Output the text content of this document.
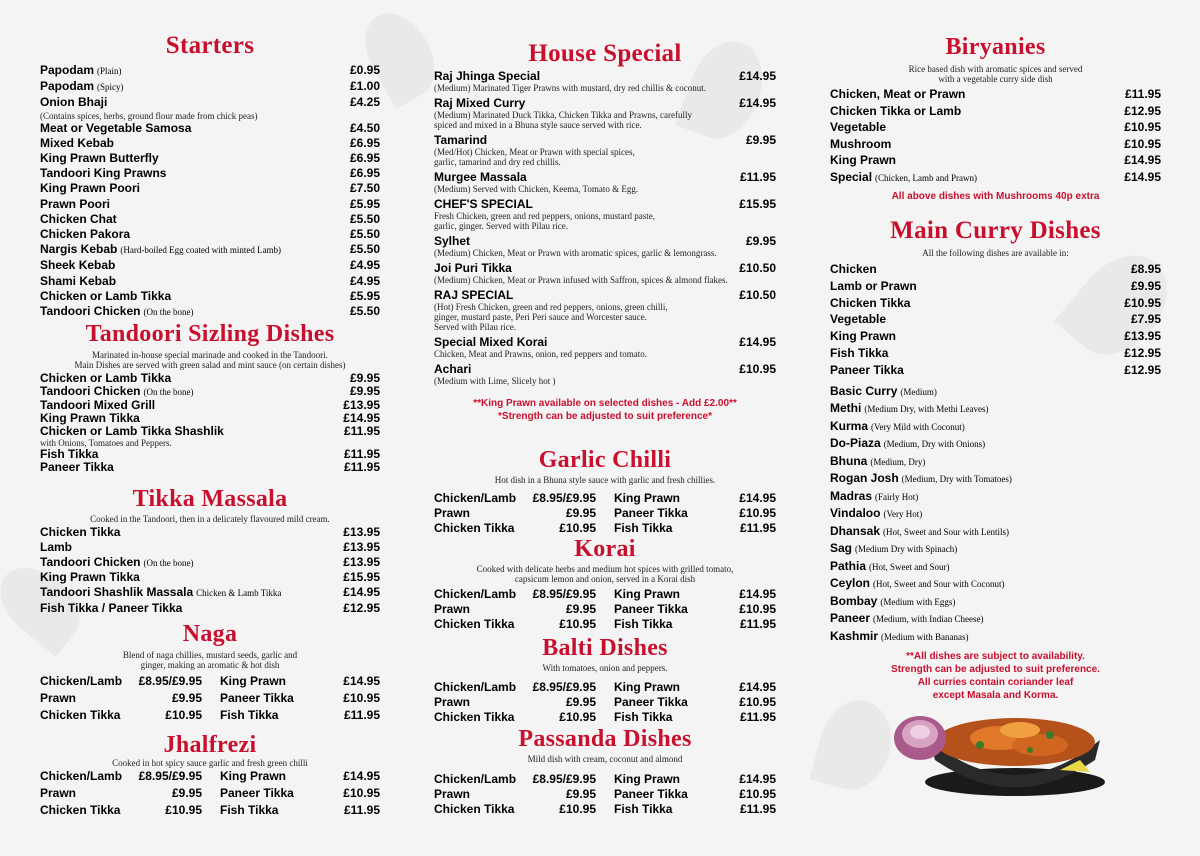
Starters
Papodam (Plain)	£0.95
Papodam (Spicy)	£1.00
Onion Bhaji	£4.25
(Contains spices, herbs, ground flour made from chick peas)
Meat or Vegetable Samosa	£4.50
Mixed Kebab	£6.95
King Prawn Butterfly	£6.95
Tandoori King Prawns	£6.95
King Prawn Poori	£7.50
Prawn Poori	£5.95
Chicken Chat	£5.50
Chicken Pakora	£5.50
Nargis Kebab (Hard-boiled Egg coated with minted Lamb)	£5.50
Sheek Kebab	£4.95
Shami Kebab	£4.95
Chicken or Lamb Tikka	£5.95
Tandoori Chicken (On the bone)	£5.50
Tandoori Sizling Dishes
Marinated in-house special marinade and cooked in the Tandoori.
Main Dishes are served with green salad and mint sauce (on certain dishes)
Chicken or Lamb Tikka	£9.95
Tandoori Chicken (On the bone)	£9.95
Tandoori Mixed Grill	£13.95
King Prawn Tikka	£14.95
Chicken or Lamb Tikka Shashlik	£11.95
with Onions, Tomatoes and Peppers.
Fish Tikka	£11.95
Paneer Tikka	£11.95
Tikka Massala
Cooked in the Tandoori, then in a delicately flavoured mild cream.
Chicken Tikka	£13.95
Lamb	£13.95
Tandoori Chicken (On the bone)	£13.95
King Prawn Tikka	£15.95
Tandoori Shashlik Massala Chicken & Lamb Tikka	£14.95
Fish Tikka / Paneer Tikka	£12.95
Naga
Blend of naga chillies, mustard seeds, garlic and
ginger, making an aromatic & hot dish
Chicken/Lamb	£8.95/£9.95	King Prawn	£14.95
Prawn	£9.95	Paneer Tikka	£10.95
Chicken Tikka	£10.95	Fish Tikka	£11.95
Jhalfrezi
Cooked in hot spicy sauce garlic and fresh green chilli
Chicken/Lamb	£8.95/£9.95	King Prawn	£14.95
Prawn	£9.95	Paneer Tikka	£10.95
Chicken Tikka	£10.95	Fish Tikka	£11.95
House Special
Raj Jhinga Special	£14.95
(Medium) Marinated Tiger Prawns with mustard, dry red chillis & coconut.
Raj Mixed Curry	£14.95
(Medium) Marinated Duck Tikka, Chicken Tikka and Prawns, carefully
spiced and mixed in a Bhuna style sauce served with rice.
Tamarind	£9.95
(Med/Hot) Chicken, Meat or Prawn with special spices,
garlic, tamarind and dry red chillis.
Murgee Massala	£11.95
(Medium) Served with Chicken, Keema, Tomato & Egg.
CHEF'S SPECIAL	£15.95
Fresh Chicken, green and red peppers, onions, mustard paste,
garlic, ginger. Served with Pilau rice.
Sylhet	£9.95
(Medium) Chicken, Meat or Prawn with aromatic spices, garlic & lemongrass.
Joi Puri Tikka	£10.50
(Medium) Chicken, Meat or Prawn infused with Saffron, spices & almond flakes.
RAJ SPECIAL	£10.50
(Hot) Fresh Chicken, green and red peppers, onions, green chilli,
ginger, mustard paste, Peri Peri sauce and Worcester sauce.
Served with Pilau rice.
Special Mixed Korai	£14.95
Chicken, Meat and Prawns, onion, red peppers and tomato.
Achari	£10.95
(Medium with Lime, Slicely hot )
**King Prawn available on selected dishes - Add £2.00**
*Strength can be adjusted to suit preference*
Garlic Chilli
Hot dish in a Bhuna style sauce with garlic and fresh chillies.
Chicken/Lamb	£8.95/£9.95	King Prawn	£14.95
Prawn	£9.95	Paneer Tikka	£10.95
Chicken Tikka	£10.95	Fish Tikka	£11.95
Korai
Cooked with delicate herbs and medium hot spices with grilled tomato,
capsicum lemon and onion, served in a Korai dish
Chicken/Lamb	£8.95/£9.95	King Prawn	£14.95
Prawn	£9.95	Paneer Tikka	£10.95
Chicken Tikka	£10.95	Fish Tikka	£11.95
Balti Dishes
With tomatoes, onion and peppers.
Chicken/Lamb	£8.95/£9.95	King Prawn	£14.95
Prawn	£9.95	Paneer Tikka	£10.95
Chicken Tikka	£10.95	Fish Tikka	£11.95
Passanda Dishes
Mild dish with cream, coconut and almond
Chicken/Lamb	£8.95/£9.95	King Prawn	£14.95
Prawn	£9.95	Paneer Tikka	£10.95
Chicken Tikka	£10.95	Fish Tikka	£11.95
Biryanies
Rice based dish with aromatic spices and served
with a vegetable curry side dish
Chicken, Meat or Prawn	£11.95
Chicken Tikka or Lamb	£12.95
Vegetable	£10.95
Mushroom	£10.95
King Prawn	£14.95
Special (Chicken, Lamb and Prawn)	£14.95
All above dishes with Mushrooms 40p extra
Main Curry Dishes
All the following dishes are available in:
Chicken	£8.95
Lamb or Prawn	£9.95
Chicken Tikka	£10.95
Vegetable	£7.95
King Prawn	£13.95
Fish Tikka	£12.95
Paneer Tikka	£12.95
Basic Curry (Medium)
Methi (Medium Dry, with Methi Leaves)
Kurma (Very Mild with Coconut)
Do-Piaza (Medium, Dry with Onions)
Bhuna (Medium, Dry)
Rogan Josh (Medium, Dry with Tomatoes)
Madras (Fairly Hot)
Vindaloo (Very Hot)
Dhansak (Hot, Sweet and Sour with Lentils)
Sag (Medium Dry with Spinach)
Pathia (Hot, Sweet and Sour)
Ceylon (Hot, Sweet and Sour with Coconut)
Bombay (Medium with Eggs)
Paneer (Medium, with Indian Cheese)
Kashmir (Medium with Bananas)
**All dishes are subject to availability.
Strength can be adjusted to suit preference.
All curries contain coriander leaf
except Masala and Korma.
